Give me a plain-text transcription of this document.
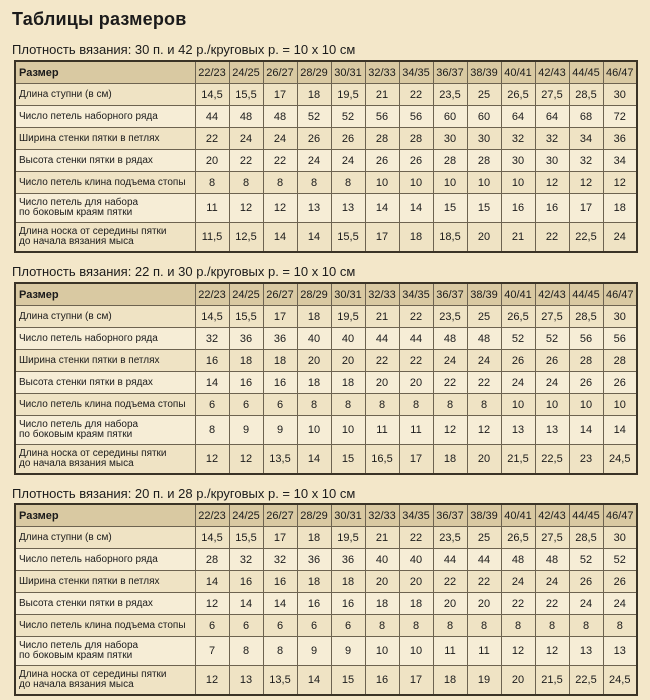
Таблицы размеров
Плотность вязания: 30 п. и 42 р./круговых р. = 10 х 10 см
Размер	22/23	24/25	26/27	28/29	30/31	32/33	34/35	36/37	38/39	40/41	42/43	44/45	46/47

Длина ступни (в см)	14,5	15,5	17	18	19,5	21	22	23,5	25	26,5	27,5	28,5	30

Число петель наборного ряда	44	48	48	52	52	56	56	60	60	64	64	68	72

Ширина стенки пятки в петлях	22	24	24	26	26	28	28	30	30	32	32	34	36

Высота стенки пятки в рядах	20	22	22	24	24	26	26	28	28	30	30	32	34

Число петель клина подъема стопы	8	8	8	8	8	10	10	10	10	10	12	12	12

Число петель для набора
по боковым краям пятки	11	12	12	13	13	14	14	15	15	16	16	17	18

Длина носка от середины пятки
до начала вязания мыса	11,5	12,5	14	14	15,5	17	18	18,5	20	21	22	22,5	24
Плотность вязания: 22 п. и 30 р./круговых р. = 10 х 10 см
Размер	22/23	24/25	26/27	28/29	30/31	32/33	34/35	36/37	38/39	40/41	42/43	44/45	46/47

Длина ступни (в см)	14,5	15,5	17	18	19,5	21	22	23,5	25	26,5	27,5	28,5	30

Число петель наборного ряда	32	36	36	40	40	44	44	48	48	52	52	56	56

Ширина стенки пятки в петлях	16	18	18	20	20	22	22	24	24	26	26	28	28

Высота стенки пятки в рядах	14	16	16	18	18	20	20	22	22	24	24	26	26

Число петель клина подъема стопы	6	6	6	8	8	8	8	8	8	10	10	10	10

Число петель для набора
по боковым краям пятки	8	9	9	10	10	11	11	12	12	13	13	14	14

Длина носка от середины пятки
до начала вязания мыса	12	12	13,5	14	15	16,5	17	18	20	21,5	22,5	23	24,5
Плотность вязания: 20 п. и 28 р./круговых р. = 10 х 10 см
Размер	22/23	24/25	26/27	28/29	30/31	32/33	34/35	36/37	38/39	40/41	42/43	44/45	46/47

Длина ступни (в см)	14,5	15,5	17	18	19,5	21	22	23,5	25	26,5	27,5	28,5	30

Число петель наборного ряда	28	32	32	36	36	40	40	44	44	48	48	52	52

Ширина стенки пятки в петлях	14	16	16	18	18	20	20	22	22	24	24	26	26

Высота стенки пятки в рядах	12	14	14	16	16	18	18	20	20	22	22	24	24

Число петель клина подъема стопы	6	6	6	6	6	8	8	8	8	8	8	8	8

Число петель для набора
по боковым краям пятки	7	8	8	9	9	10	10	11	11	12	12	13	13

Длина носка от середины пятки
до начала вязания мыса	12	13	13,5	14	15	16	17	18	19	20	21,5	22,5	24,5
